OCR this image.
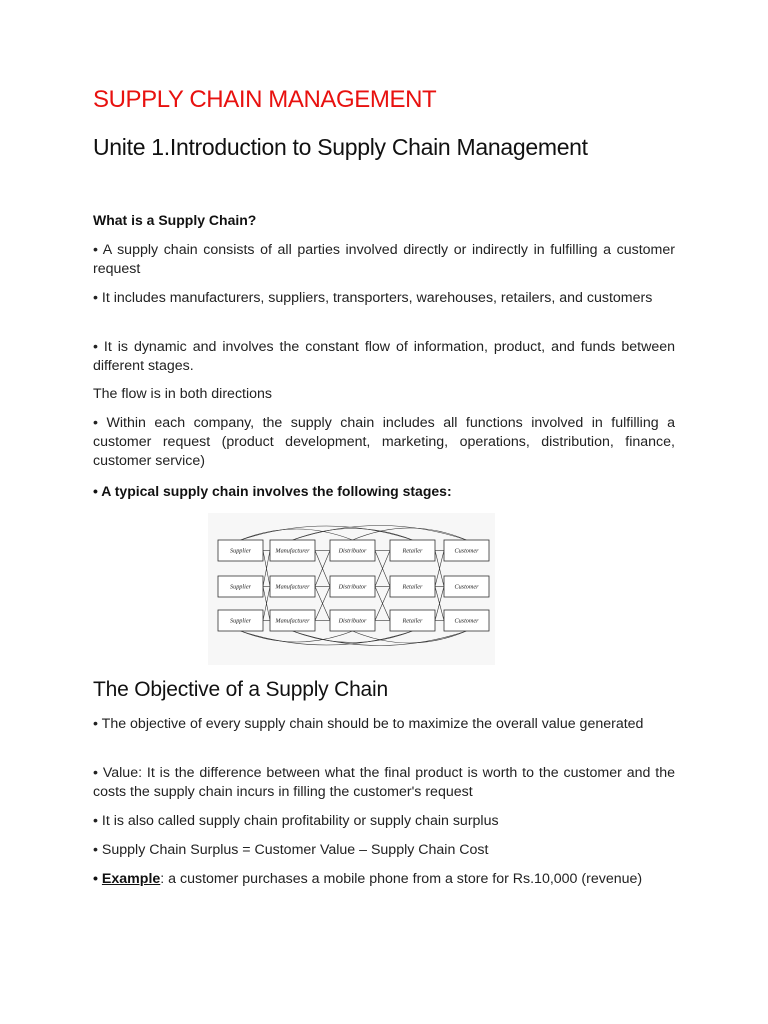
SUPPLY CHAIN MANAGEMENT
Unite 1.Introduction to Supply Chain Management
What is a Supply Chain?
• A supply chain consists of all parties involved directly or indirectly in fulfilling a customer request
• It includes manufacturers, suppliers, transporters, warehouses, retailers, and customers
• It is dynamic and involves the constant flow of information, product, and funds between different stages.
The flow is in both directions
• Within each company, the supply chain includes all functions involved in fulfilling a customer request (product development, marketing, operations, distribution, finance, customer service)
• A typical supply chain involves the following stages:
The Objective of a Supply Chain
• The objective of every supply chain should be to maximize the overall value generated
• Value: It is the difference between what the final product is worth to the customer and the costs the supply chain incurs in filling the customer's request
• It is also called supply chain profitability or supply chain surplus
• Supply Chain Surplus = Customer Value – Supply Chain Cost
• Example: a customer purchases a mobile phone from a store for Rs.10,000 (revenue)
Supplier	Manufacturer	Distributor	Retailer	Customer
Supplier	Manufacturer	Distributor	Retailer	Customer
Supplier	Manufacturer	Distributor	Retailer	Customer
